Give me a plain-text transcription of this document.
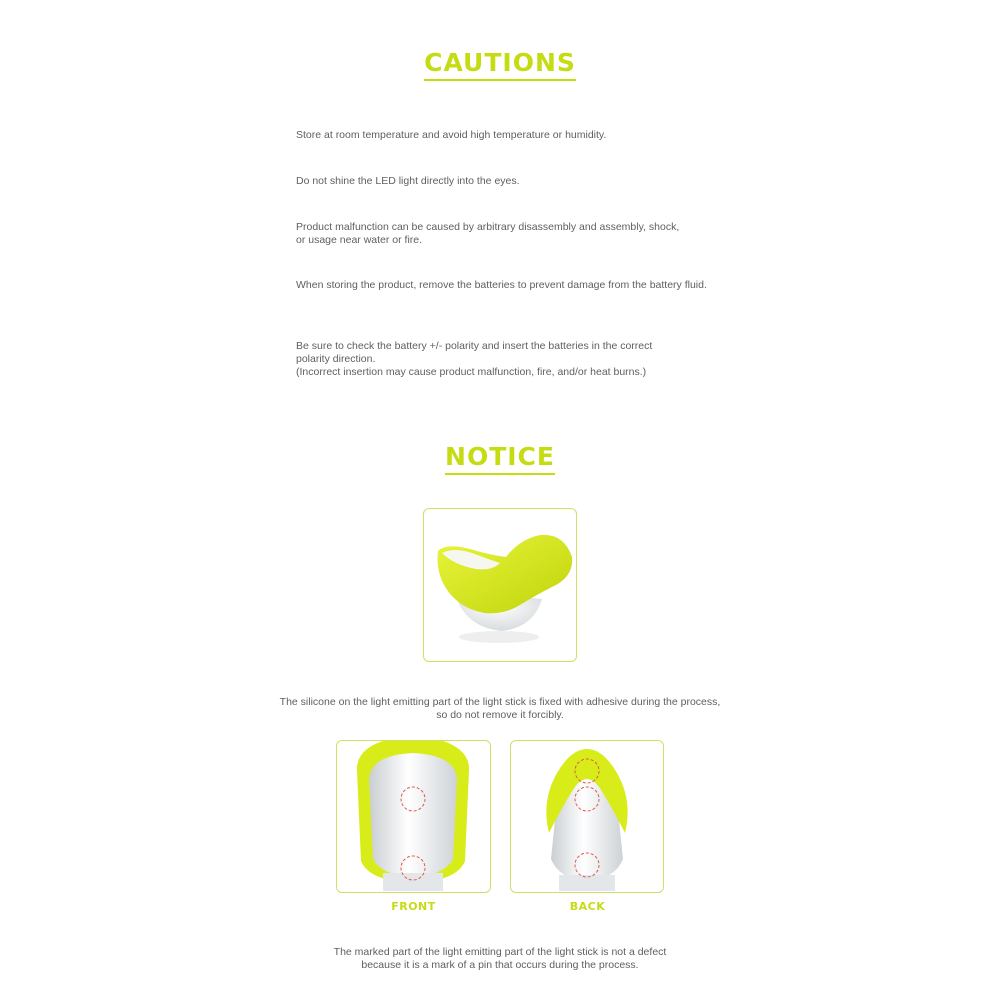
CAUTIONS
Store at room temperature and avoid high temperature or humidity.
Do not shine the LED light directly into the eyes.
Product malfunction can be caused by arbitrary disassembly and assembly, shock,
or usage near water or fire.
When storing the product, remove the batteries to prevent damage from the battery fluid.
Be sure to check the battery +/- polarity and insert the batteries in the correct
polarity direction.
(Incorrect insertion may cause product malfunction, fire, and/or heat burns.)
NOTICE
The silicone on the light emitting part of the light stick is fixed with adhesive during the process,
so do not remove it forcibly.
FRONT	BACK
The marked part of the light emitting part of the light stick is not a defect
because it is a mark of a pin that occurs during the process.
